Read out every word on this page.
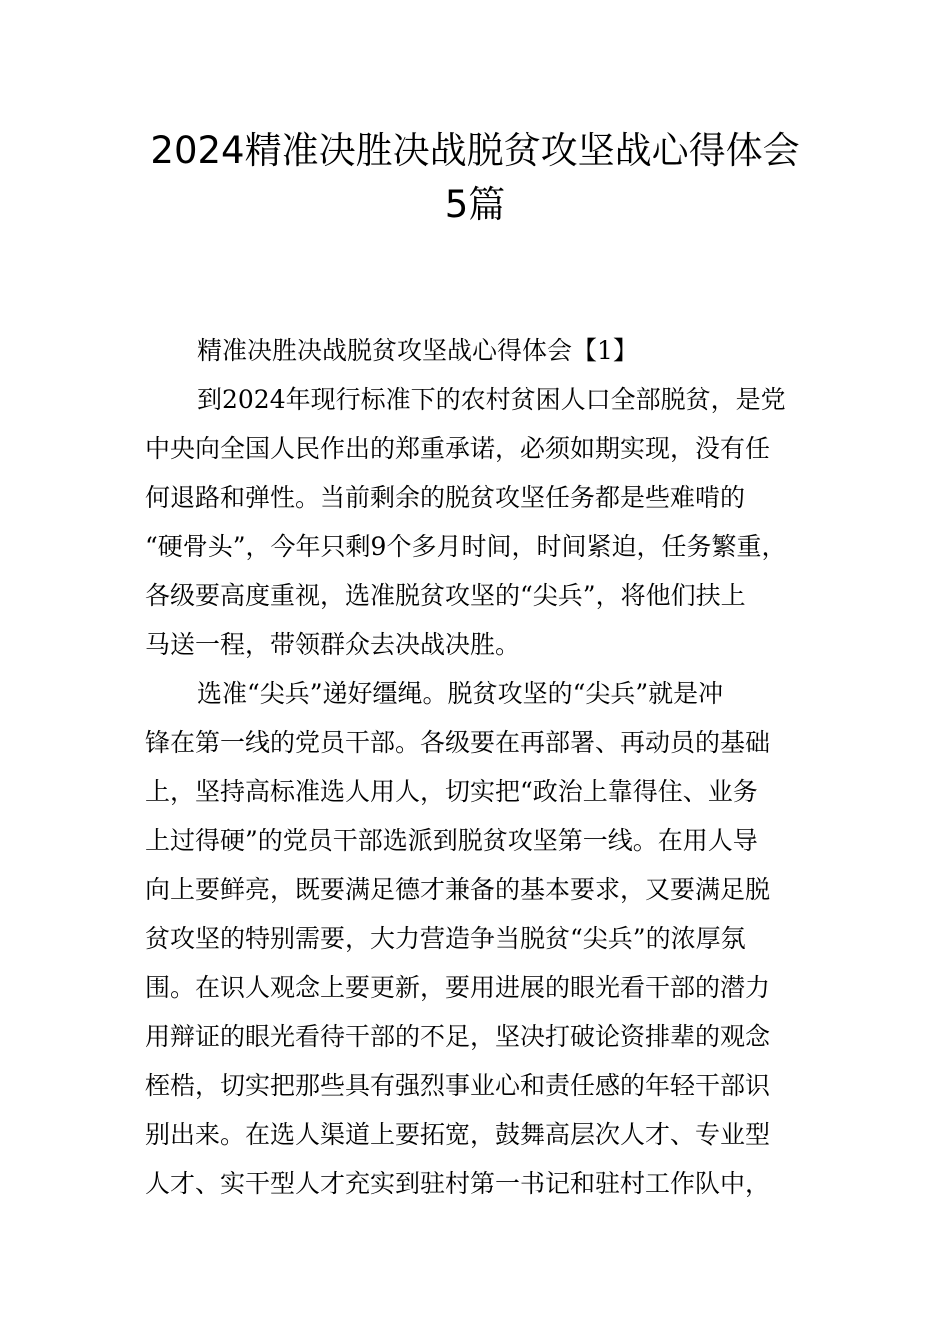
2024精准决胜决战脱贫攻坚战心得体会
5篇
精准决胜决战脱贫攻坚战心得体会【1】
到2024年现行标准下的农村贫困人口全部脱贫，是党
中央向全国人民作出的郑重承诺，必须如期实现，没有任
何退路和弹性。当前剩余的脱贫攻坚任务都是些难啃的
“硬骨头”，今年只剩9个多月时间，时间紧迫，任务繁重，
各级要高度重视，选准脱贫攻坚的“尖兵”，将他们扶上
马送一程，带领群众去决战决胜。
选准“尖兵”递好缰绳。脱贫攻坚的“尖兵”就是冲
锋在第一线的党员干部。各级要在再部署、再动员的基础
上，坚持高标准选人用人，切实把“政治上靠得住、业务
上过得硬”的党员干部选派到脱贫攻坚第一线。在用人导
向上要鲜亮，既要满足德才兼备的基本要求，又要满足脱
贫攻坚的特别需要，大力营造争当脱贫“尖兵”的浓厚氛
围。在识人观念上要更新，要用进展的眼光看干部的潜力
用辩证的眼光看待干部的不足，坚决打破论资排辈的观念
桎梏，切实把那些具有强烈事业心和责任感的年轻干部识
别出来。在选人渠道上要拓宽，鼓舞高层次人才、专业型
人才、实干型人才充实到驻村第一书记和驻村工作队中，
